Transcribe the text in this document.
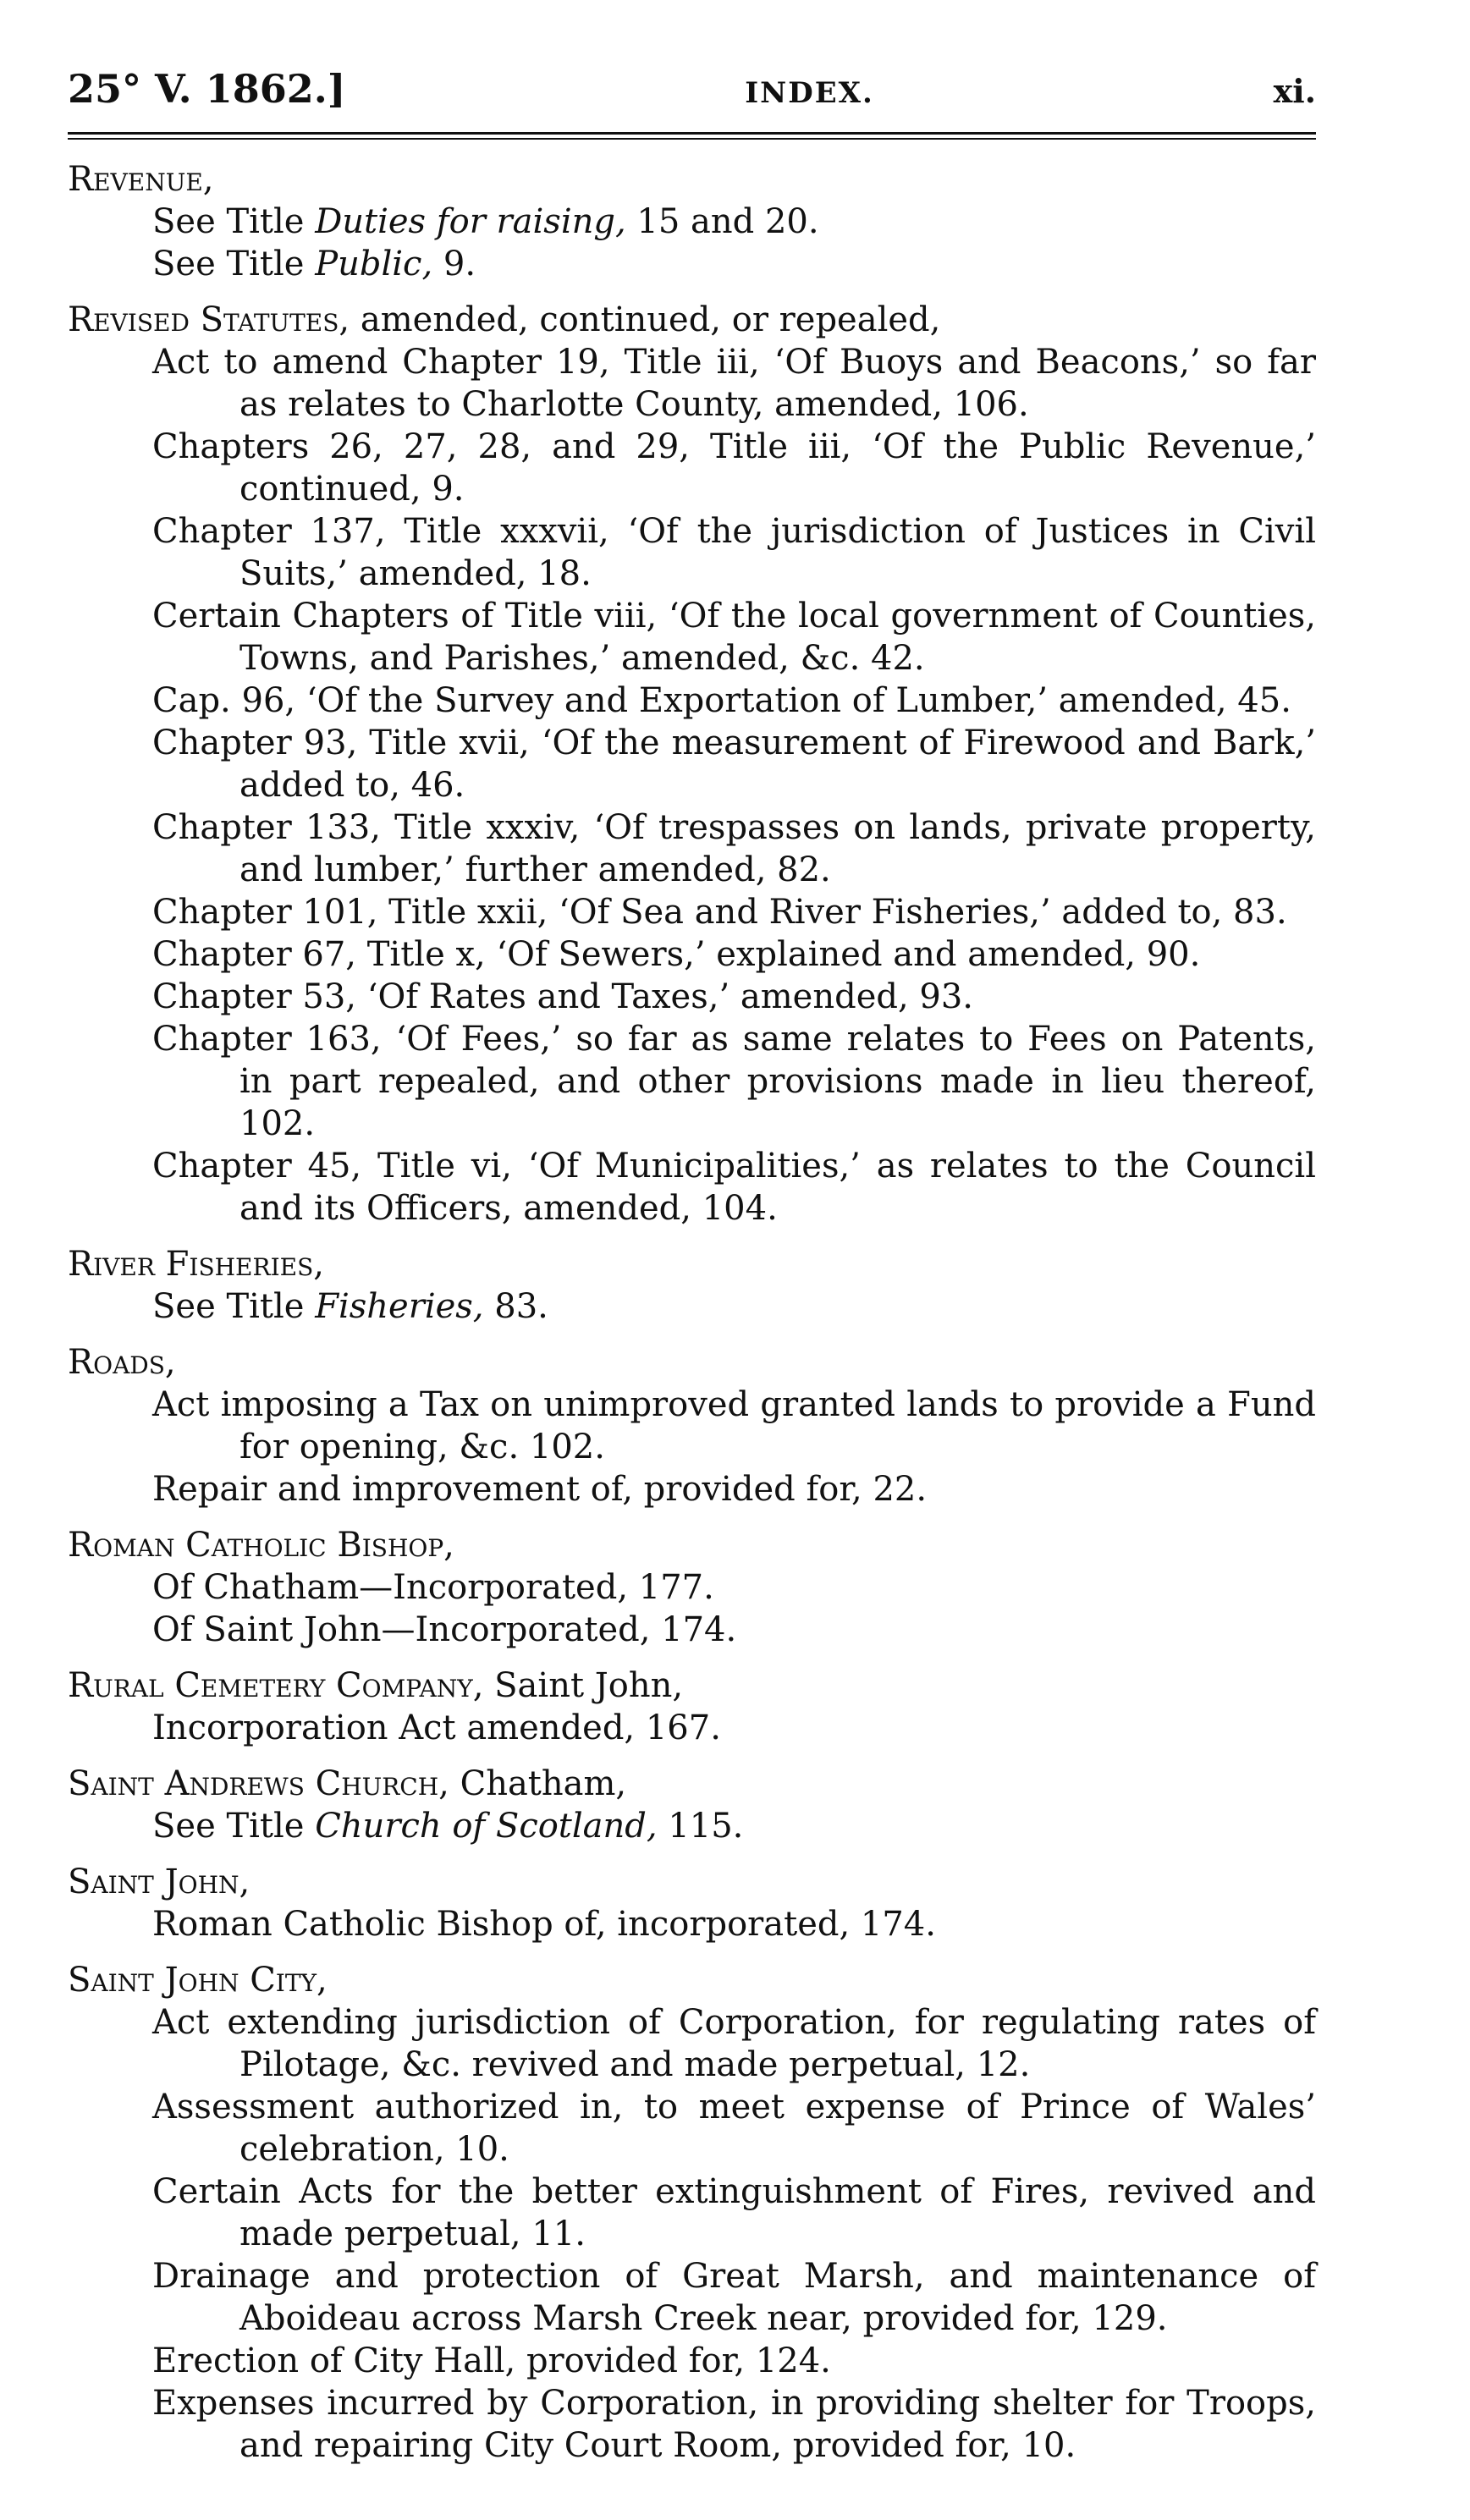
25° V. 1862.]	INDEX.	xi.
Revenue,
See Title Duties for raising, 15 and 20.
See Title Public, 9.
Revised Statutes, amended, continued, or repealed,
Act to amend Chapter 19, Title iii, ‘Of Buoys and Beacons,’ so far as relates to Charlotte County, amended, 106.
Chapters 26, 27, 28, and 29, Title iii, ‘Of the Public Revenue,’ continued, 9.
Chapter 137, Title xxxvii, ‘Of the jurisdiction of Justices in Civil Suits,’ amended, 18.
Certain Chapters of Title viii, ‘Of the local government of Counties, Towns, and Parishes,’ amended, &c. 42.
Cap. 96, ‘Of the Survey and Exportation of Lumber,’ amended, 45.
Chapter 93, Title xvii, ‘Of the measurement of Firewood and Bark,’ added to, 46.
Chapter 133, Title xxxiv, ‘Of trespasses on lands, private property, and lumber,’ further amended, 82.
Chapter 101, Title xxii, ‘Of Sea and River Fisheries,’ added to, 83.
Chapter 67, Title x, ‘Of Sewers,’ explained and amended, 90.
Chapter 53, ‘Of Rates and Taxes,’ amended, 93.
Chapter 163, ‘Of Fees,’ so far as same relates to Fees on Patents, in part repealed, and other provisions made in lieu thereof, 102.
Chapter 45, Title vi, ‘Of Municipalities,’ as relates to the Council and its Officers, amended, 104.
River Fisheries,
See Title Fisheries, 83.
Roads,
Act imposing a Tax on unimproved granted lands to provide a Fund for opening, &c. 102.
Repair and improvement of, provided for, 22.
Roman Catholic Bishop,
Of Chatham—Incorporated, 177.
Of Saint John—Incorporated, 174.
Rural Cemetery Company, Saint John,
Incorporation Act amended, 167.
Saint Andrews Church, Chatham,
See Title Church of Scotland, 115.
Saint John,
Roman Catholic Bishop of, incorporated, 174.
Saint John City,
Act extending jurisdiction of Corporation, for regulating rates of Pilotage, &c. revived and made perpetual, 12.
Assessment authorized in, to meet expense of Prince of Wales’ celebration, 10.
Certain Acts for the better extinguishment of Fires, revived and made perpetual, 11.
Drainage and protection of Great Marsh, and maintenance of Aboideau across Marsh Creek near, provided for, 129.
Erection of City Hall, provided for, 124.
Expenses incurred by Corporation, in providing shelter for Troops, and repairing City Court Room, provided for, 10.
